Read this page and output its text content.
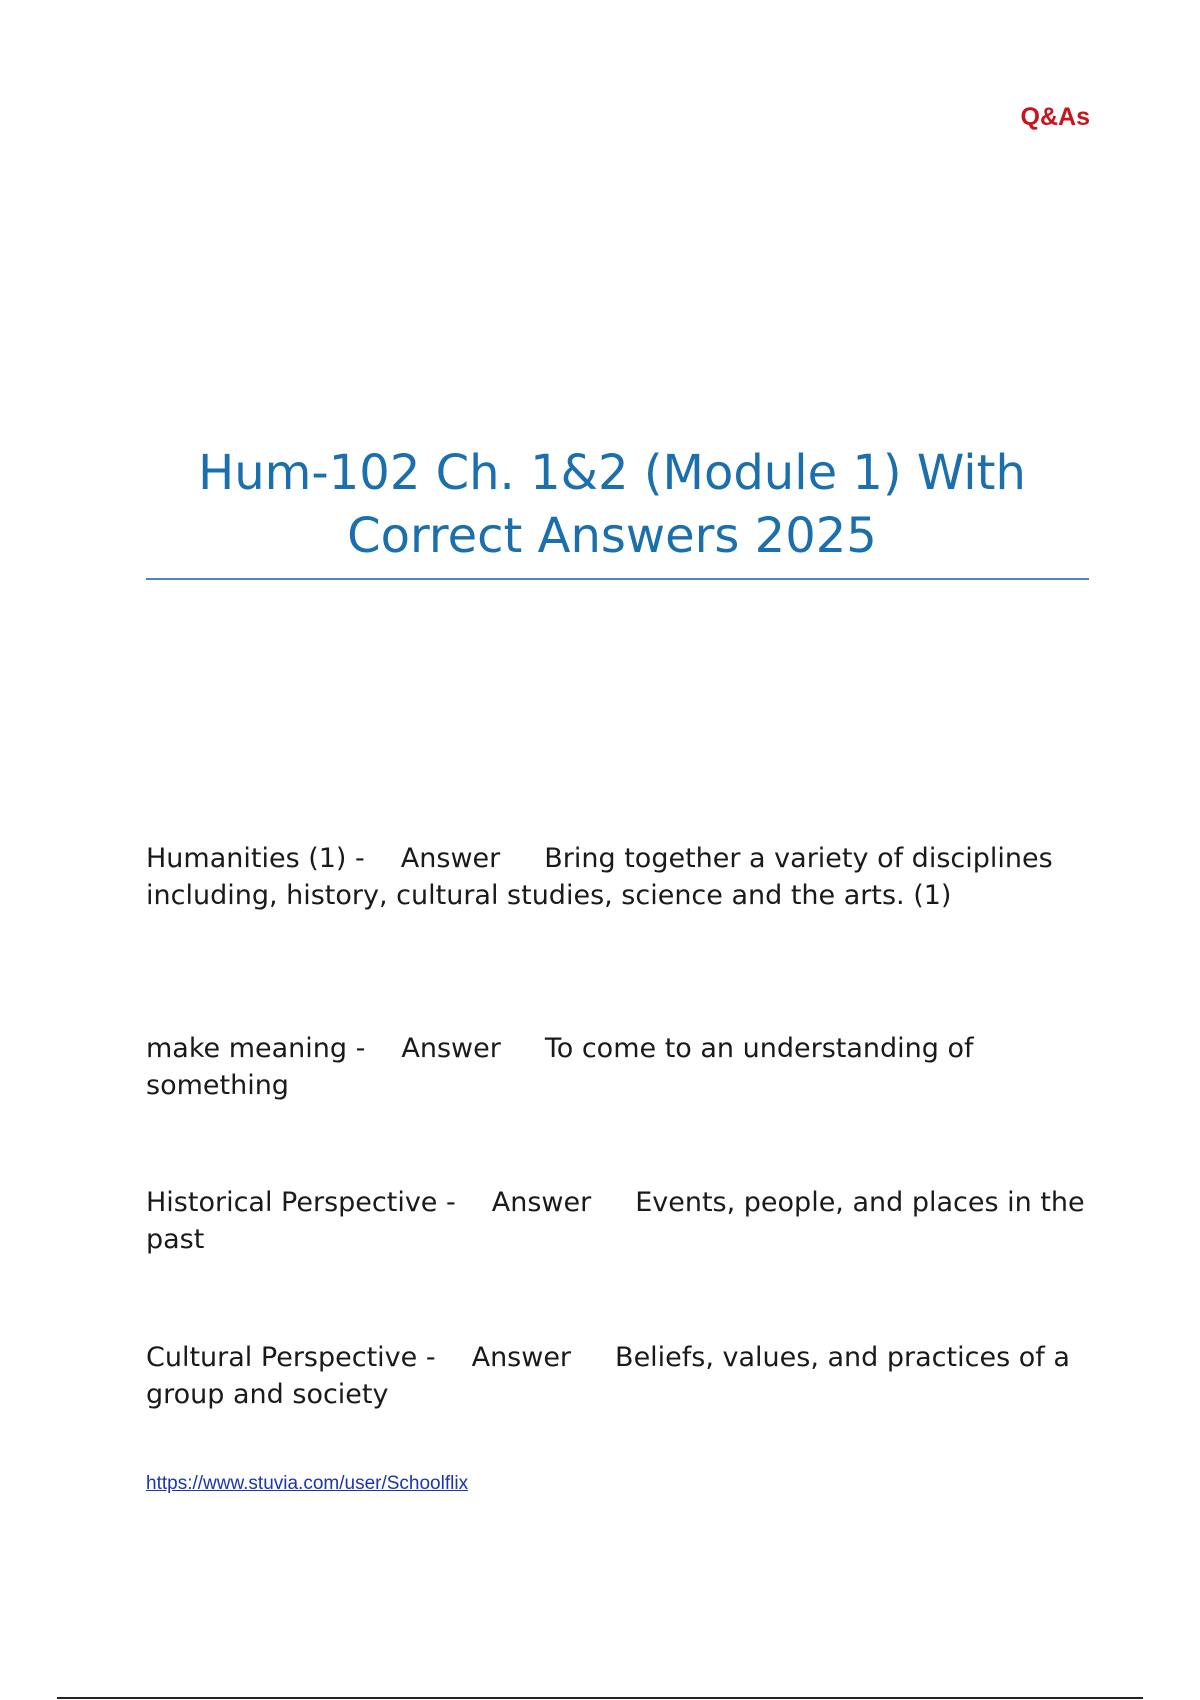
Q&As
Hum-102 Ch. 1&2 (Module 1) With Correct Answers 2025
Humanities (1) - Answer Bring together a variety of disciplines including, history, cultural studies, science and the arts. (1)
make meaning - Answer To come to an understanding of something
Historical Perspective - Answer Events, people, and places in the past
Cultural Perspective - Answer Beliefs, values, and practices of a group and society
https://www.stuvia.com/user/Schoolflix
